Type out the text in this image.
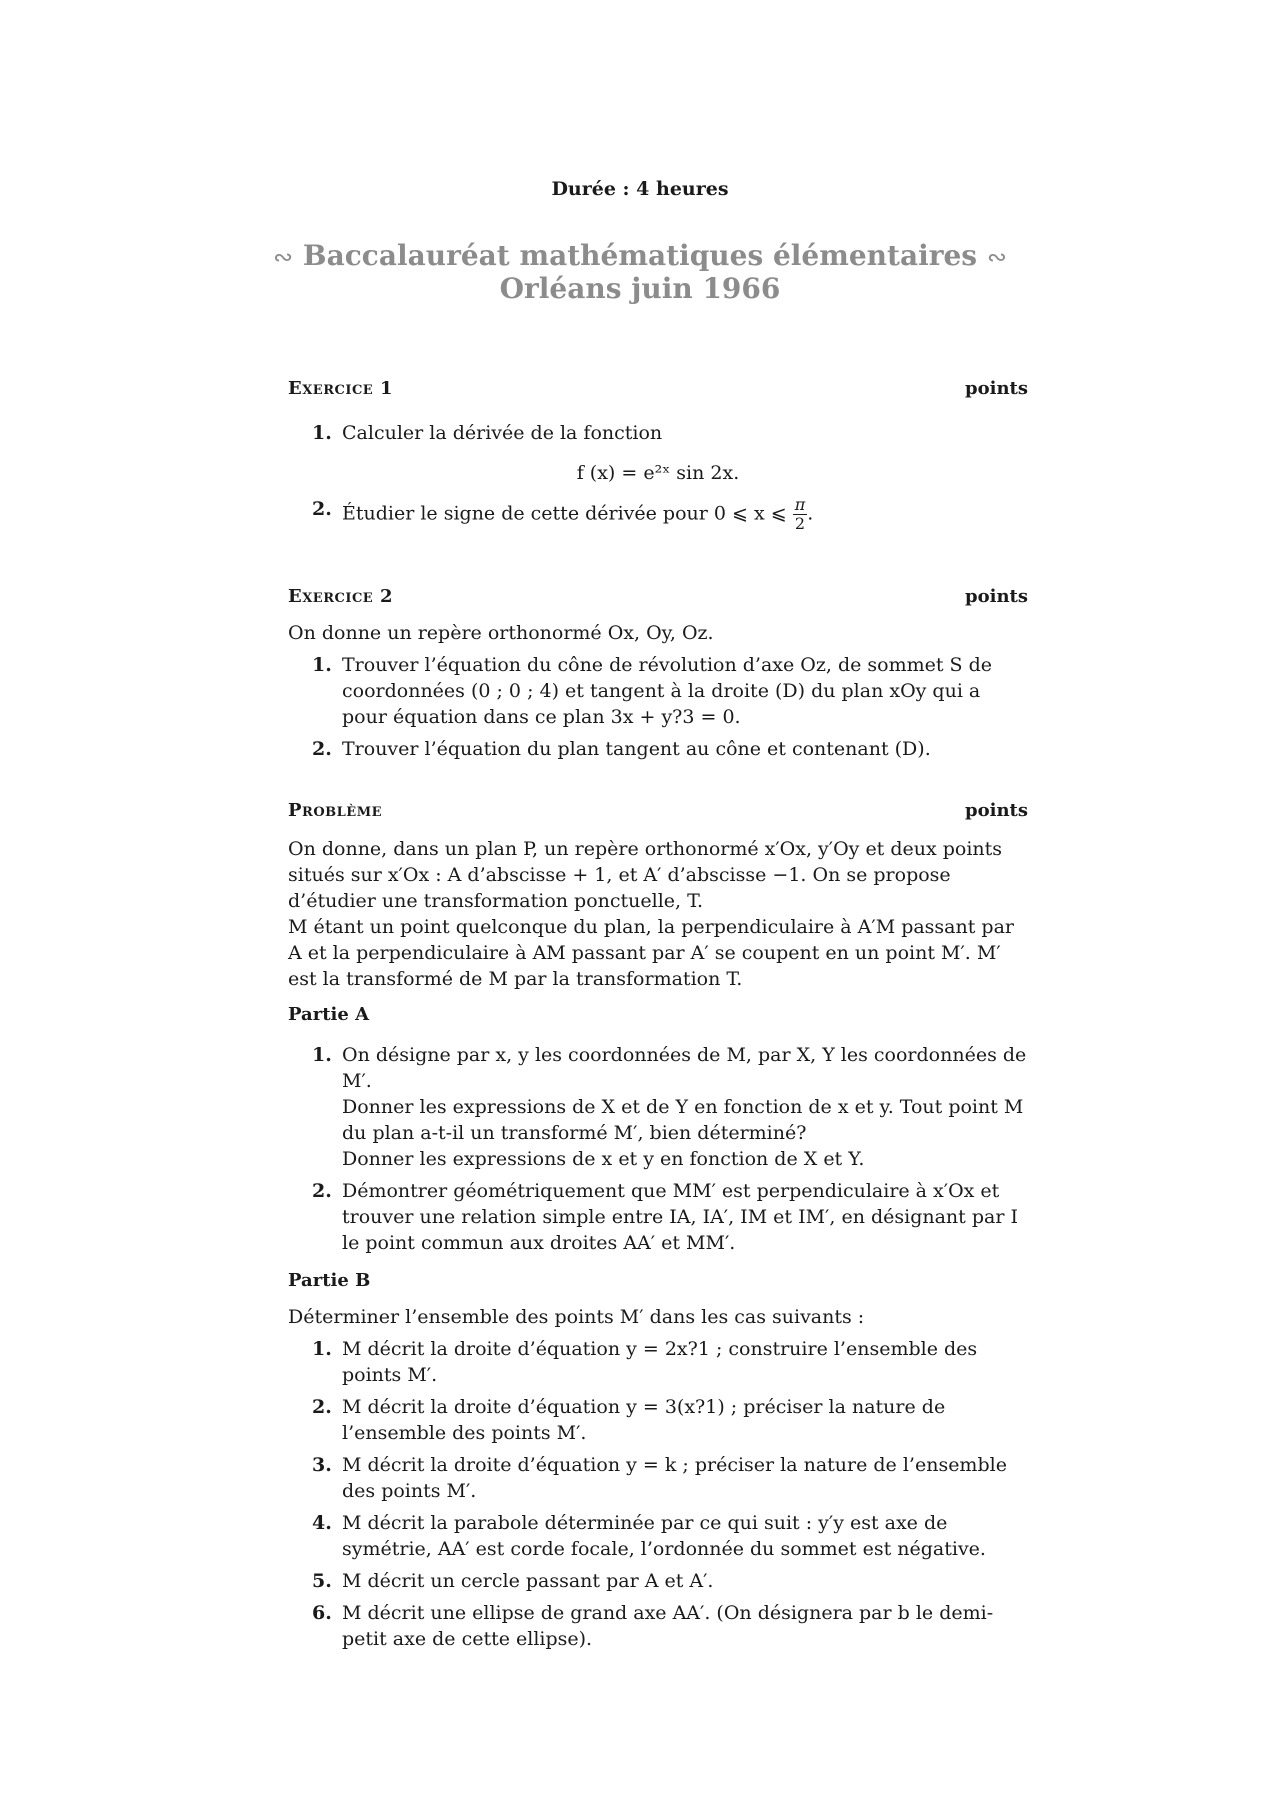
Durée : 4 heures
∾ Baccalauréat mathématiques élémentaires ∾
Orléans juin 1966
Exercice 1	points
1. Calculer la dérivée de la fonction

f (x) = e²ˣ sin 2x.

2. Étudier le signe de cette dérivée pour 0 ⩽ x ⩽ $\frac{\pi}{2}$ .
Exercice 2	points

On donne un repère orthonormé Ox, Oy, Oz.

1. Trouver l’équation du cône de révolution d’axe Oz, de sommet S de coordonnées (0 ; 0 ; 4) et tangent à la droite (D) du plan xOy qui a pour équation dans ce plan 3x + y?3 = 0.
2. Trouver l’équation du plan tangent au cône et contenant (D).
Problème	points

On donne, dans un plan P, un repère orthonormé x′Ox, y′Oy et deux points situés sur x′Ox : A d’abscisse + 1, et A′ d’abscisse −1. On se propose d’étudier une transformation ponctuelle, T.

M étant un point quelconque du plan, la perpendiculaire à A′M passant par A et la perpendiculaire à AM passant par A′ se coupent en un point M′. M′ est la transformé de M par la transformation T.

Partie A

1. On désigne par x, y les coordonnées de M, par X, Y les coordonnées de M′.

Donner les expressions de X et de Y en fonction de x et y. Tout point M du plan a-t-il un transformé M′, bien déterminé?

Donner les expressions de x et y en fonction de X et Y.

2. Démontrer géométriquement que MM′ est perpendiculaire à x′Ox et trouver une relation simple entre IA, IA′, IM et IM′, en désignant par I le point commun aux droites AA′ et MM′.

Partie B

Déterminer l’ensemble des points M′ dans les cas suivants :

1. M décrit la droite d’équation y = 2x?1 ; construire l’ensemble des points M′.
2. M décrit la droite d’équation y = 3(x?1) ; préciser la nature de l’ensemble des points M′.
3. M décrit la droite d’équation y = k ; préciser la nature de l’ensemble des points M′.
4. M décrit la parabole déterminée par ce qui suit : y′y est axe de symétrie, AA′ est corde focale, l’ordonnée du sommet est négative.
5. M décrit un cercle passant par A et A′.
6. M décrit une ellipse de grand axe AA′. (On désignera par b le demi-petit axe de cette ellipse).
